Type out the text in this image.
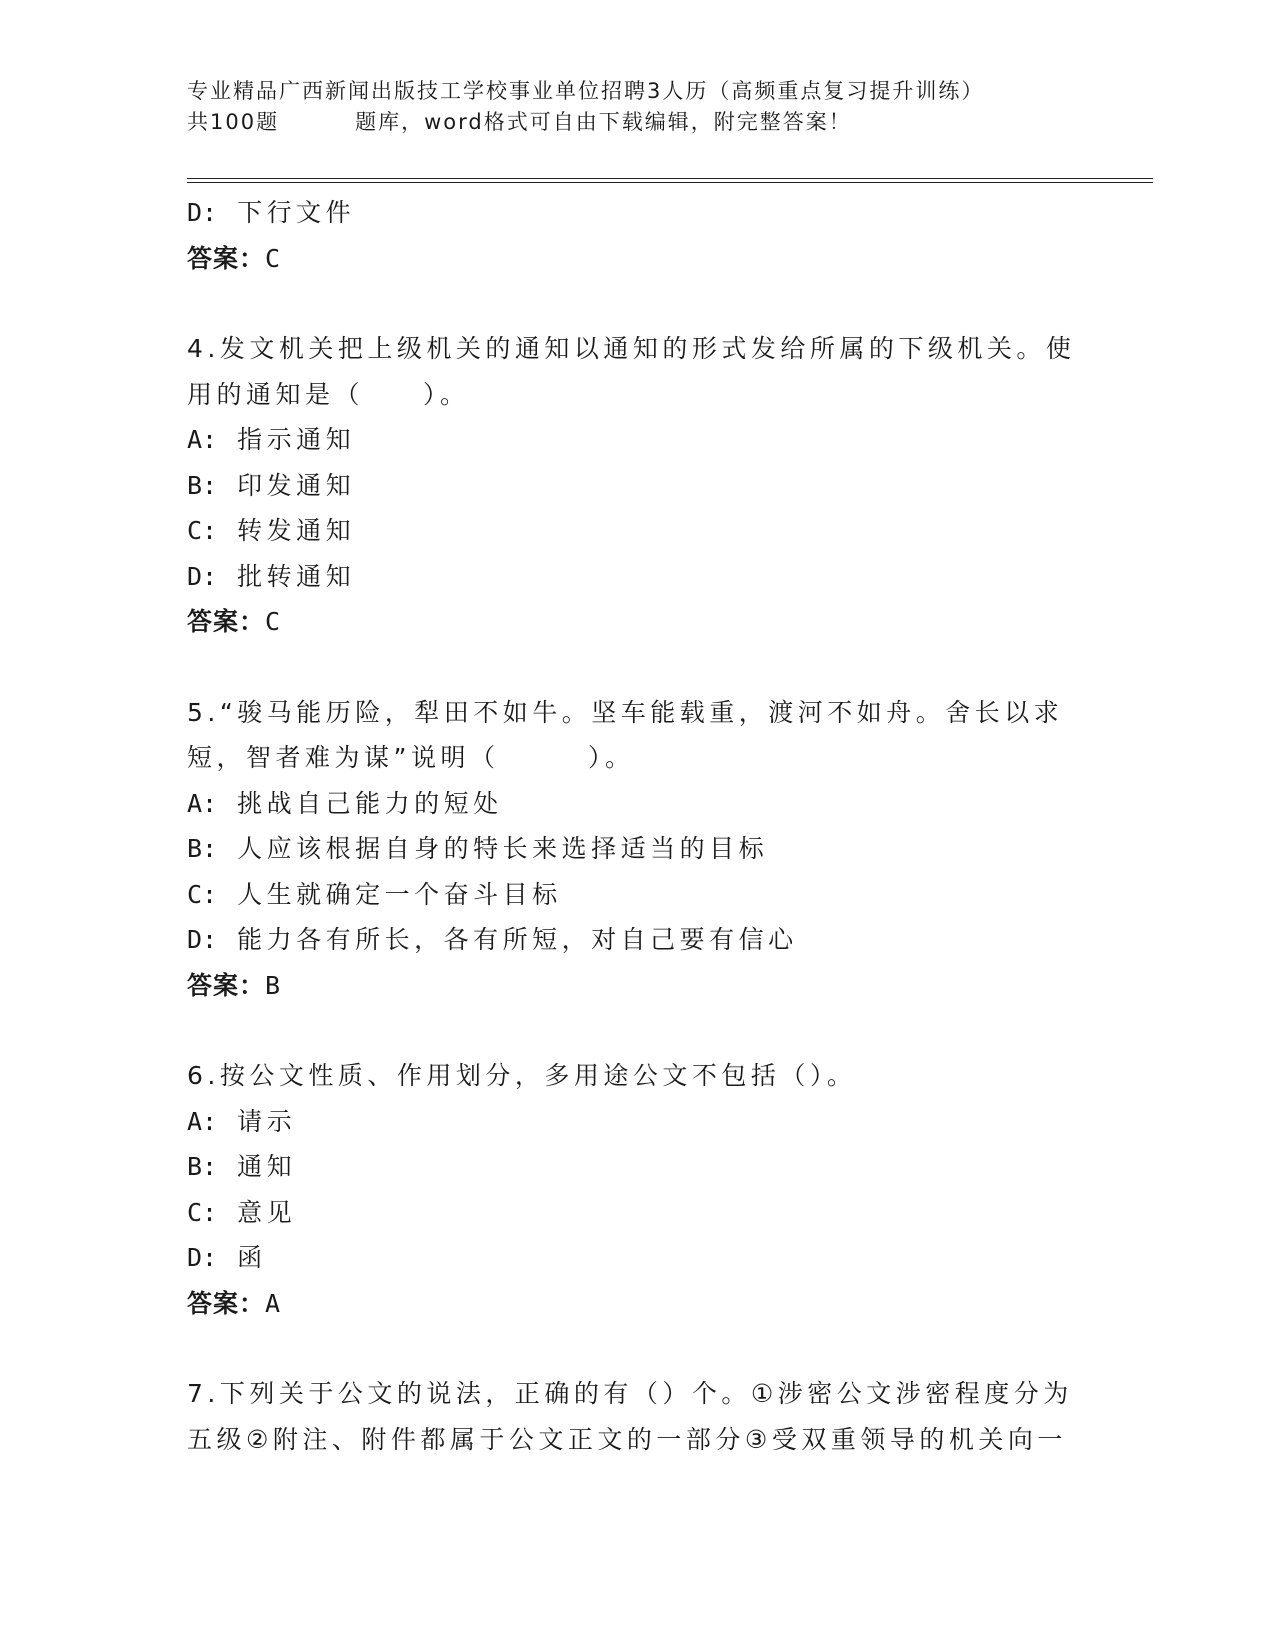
专业精品广西新闻出版技工学校事业单位招聘3人历（高频重点复习提升训练）
共100题	题库，word格式可自由下载编辑，附完整答案！
D: 下行文件
答案：C
4.发文机关把上级机关的通知以通知的形式发给所属的下级机关。使
用的通知是（　　）。
A: 指示通知
B: 印发通知
C: 转发通知
D: 批转通知
答案：C
5.“骏马能历险，犁田不如牛。坚车能载重，渡河不如舟。舍长以求
短，智者难为谋”说明（　　　）。
A: 挑战自己能力的短处
B: 人应该根据自身的特长来选择适当的目标
C: 人生就确定一个奋斗目标
D: 能力各有所长，各有所短，对自己要有信心
答案：B
6.按公文性质、作用划分，多用途公文不包括（）。
A: 请示
B: 通知
C: 意见
D: 函
答案：A
7.下列关于公文的说法，正确的有（）个。①涉密公文涉密程度分为
五级②附注、附件都属于公文正文的一部分③受双重领导的机关向一
